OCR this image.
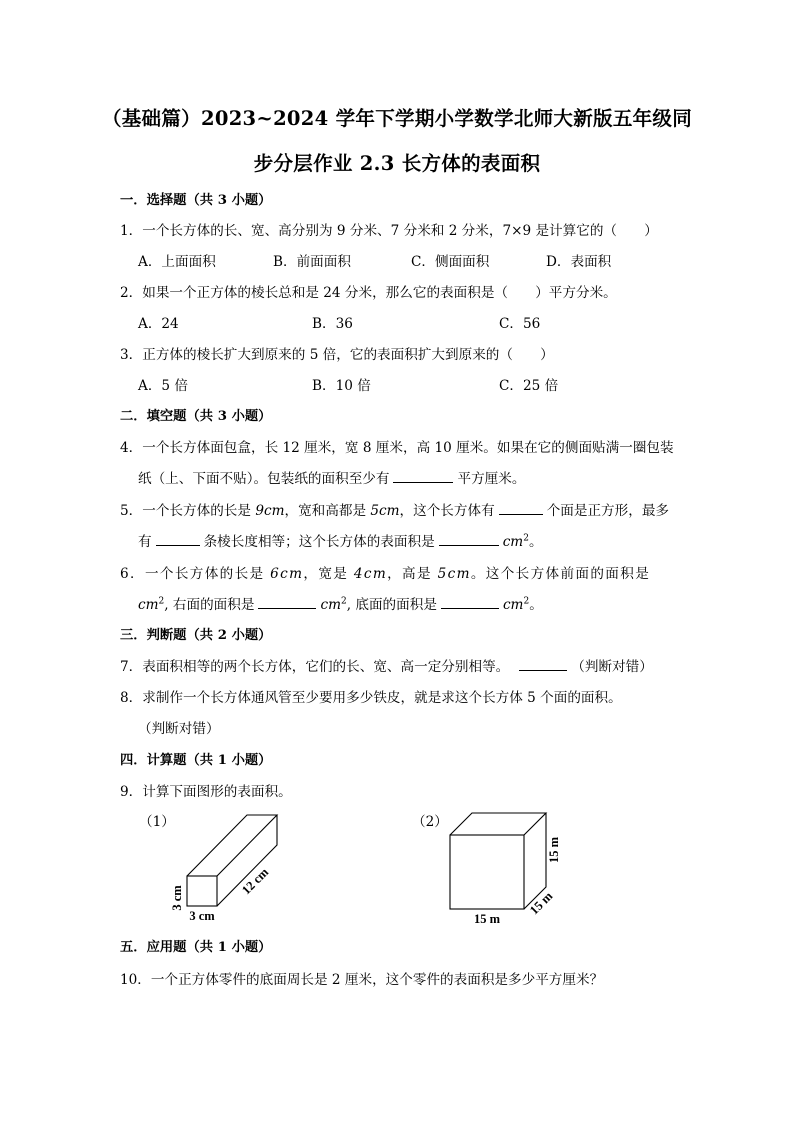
（基础篇）2023~2024 学年下学期小学数学北师大新版五年级同
步分层作业 2.3 长方体的表面积
一．选择题（共 3 小题）
1．一个长方体的长、宽、高分别为 9 分米、7 分米和 2 分米，7×9 是计算它的（　　）
A．上面面积	B．前面面积	C．侧面面积	D．表面积
2．如果一个正方体的棱长总和是 24 分米，那么它的表面积是（　　）平方分米。
A．24	B．36	C．56
3．正方体的棱长扩大到原来的 5 倍，它的表面积扩大到原来的（　　）
A．5 倍	B．10 倍	C．25 倍
二．填空题（共 3 小题）
4．一个长方体面包盒，长 12 厘米，宽 8 厘米，高 10 厘米。如果在它的侧面贴满一圈包装
纸（上、下面不贴）。包装纸的面积至少有	平方厘米。
5．一个长方体的长是 9cm，宽和高都是 5cm，这个长方体有	个面是正方形，最多
有	条棱长度相等；这个长方体的表面积是	$cm^2$。
6．一个长方体的长是 6cm，宽是 4cm，高是 5cm。这个长方体前面的面积是
$cm^2$, 右面的面积是	$cm^2$, 底面的面积是	$cm^2$。
三．判断题（共 2 小题）
7．表面积相等的两个长方体，它们的长、宽、高一定分别相等。	（判断对错）
8．求制作一个长方体通风管至少要用多少铁皮，就是求这个长方体 5 个面的面积。
（判断对错）
四．计算题（共 1 小题）
9．计算下面图形的表面积。
（1）
3 cm
3 cm
12 cm
（2）
15 m
15 m
15 m
五．应用题（共 1 小题）
10．一个正方体零件的底面周长是 2 厘米，这个零件的表面积是多少平方厘米？
